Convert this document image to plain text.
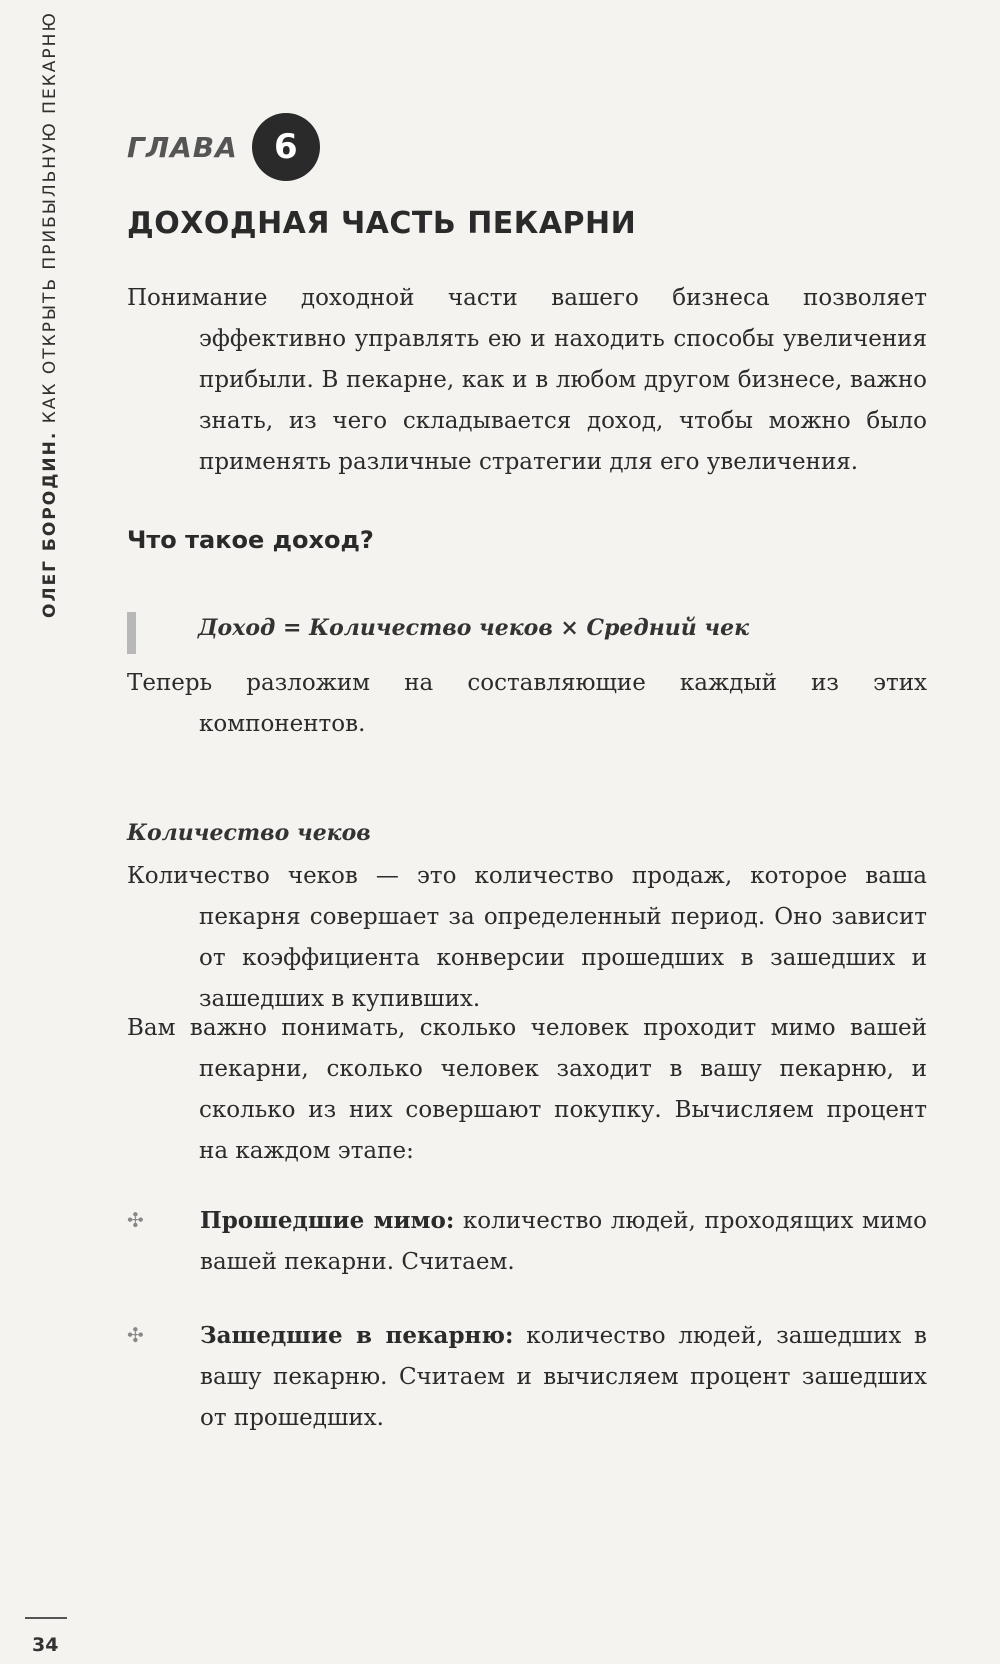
ОЛЕГ БОРОДИН. КАК ОТКРЫТЬ ПРИБЫЛЬНУЮ ПЕКАРНЮ ГЛАВА	6
ДОХОДНАЯ ЧАСТЬ ПЕКАРНИ

Понимание доходной части вашего бизнеса позволяет эффективно управлять ею и находить способы увеличения прибыли. В пекарне, как и в любом другом бизнесе, важно знать, из чего складывается доход, чтобы можно было применять различные стратегии для его увеличения.

Что такое доход?
Доход = Количество чеков × Средний чек

Теперь разложим на составляющие каждый из этих компонентов.

Количество чеков

Количество чеков — это количество продаж, которое ваша пекарня совершает за определенный период. Оно зависит от коэффициента конверсии прошедших в зашедших и зашедших в купивших.

Вам важно понимать, сколько человек проходит мимо вашей пекарни, сколько человек заходит в вашу пекарню, и сколько из них совершают покупку. Вычисляем процент на каждом этапе:

✣ Прошедшие мимо: количество людей, проходящих мимо вашей пекарни. Считаем.
✣ Зашедшие в пекарню: количество людей, зашедших в вашу пекарню. Считаем и вычисляем процент зашедших от прошедших.
34
